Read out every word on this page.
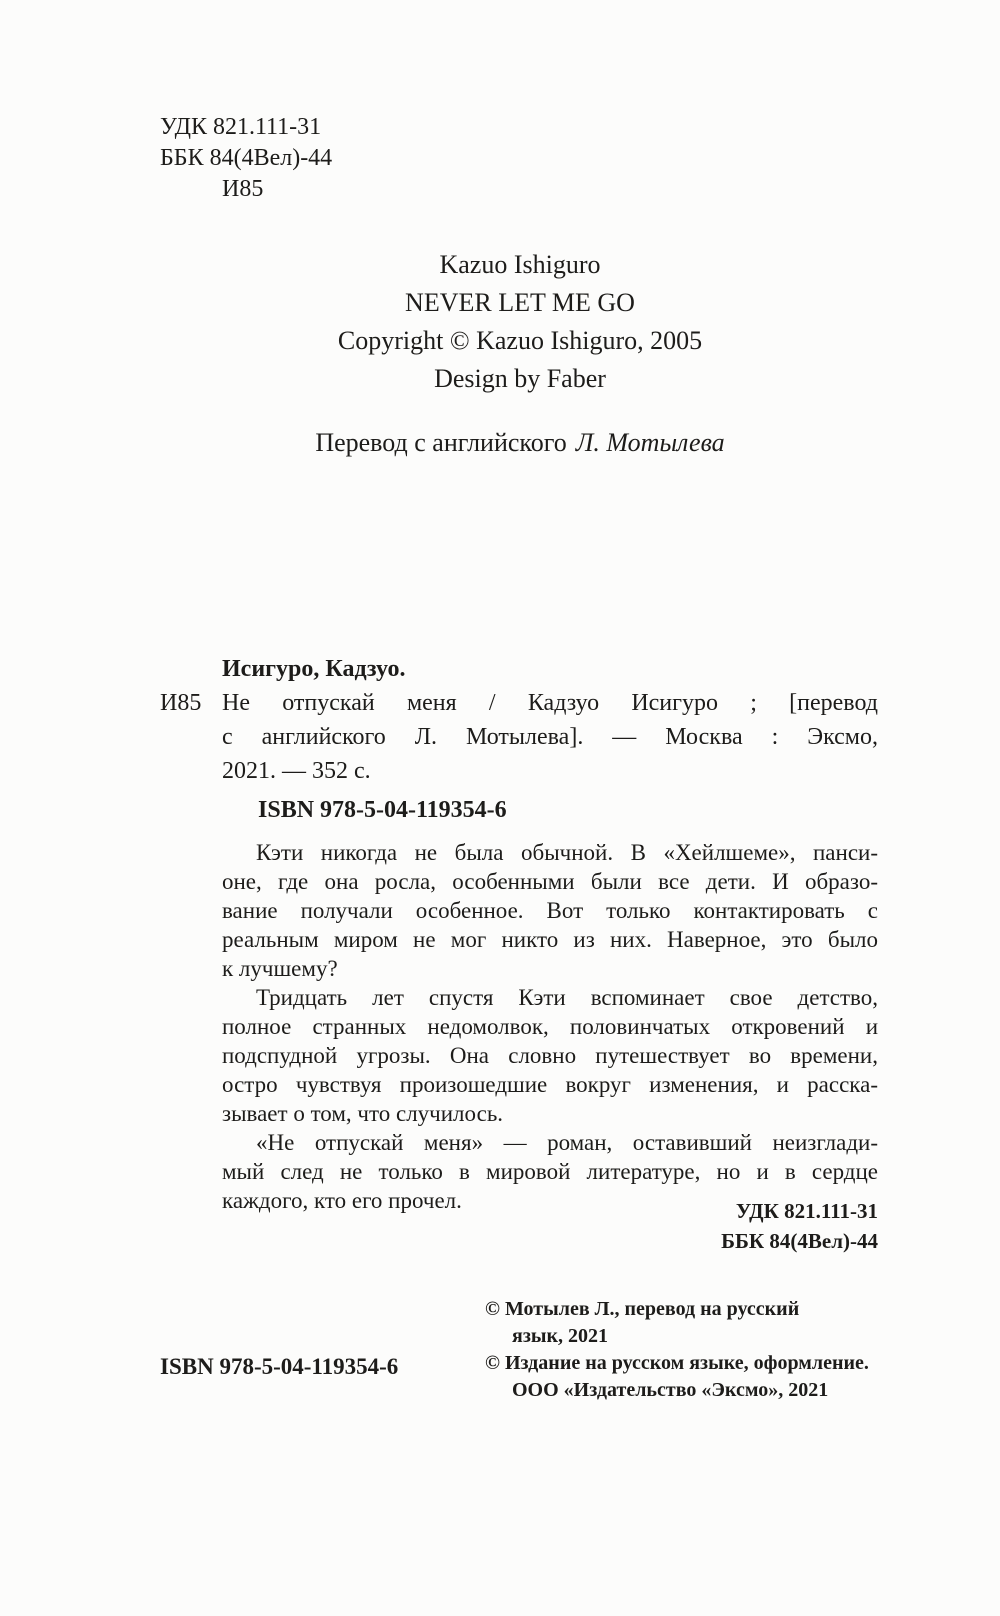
УДК 821.111-31
ББК 84(4Вел)-44
И85
Kazuo Ishiguro
NEVER LET ME GO
Copyright © Kazuo Ishiguro, 2005
Design by Faber
Перевод с английского Л. Мотылева
Исигуро, Кадзуо.
И85 Не отпускай меня / Кадзуо Исигуро ; [перевод
с английского Л. Мотылева]. — Москва : Эксмо,
2021. — 352 с.
ISBN 978-5-04-119354-6
Кэти никогда не была обычной. В «Хейлшеме», панси-
оне, где она росла, особенными были все дети. И образо-
вание получали особенное. Вот только контактировать с
реальным миром не мог никто из них. Наверное, это было
к лучшему?
Тридцать лет спустя Кэти вспоминает свое детство,
полное странных недомолвок, половинчатых откровений и
подспудной угрозы. Она словно путешествует во времени,
остро чувствуя произошедшие вокруг изменения, и расска-
зывает о том, что случилось.
«Не отпускай меня» — роман, оставивший неизглади-
мый след не только в мировой литературе, но и в сердце
каждого, кто его прочел.	УДК 821.111-31
ББК 84(4Вел)-44
© Мотылев Л., перевод на русский
язык, 2021
© Издание на русском языке, оформление.
ООО «Издательство «Эксмо», 2021
ISBN 978-5-04-119354-6
